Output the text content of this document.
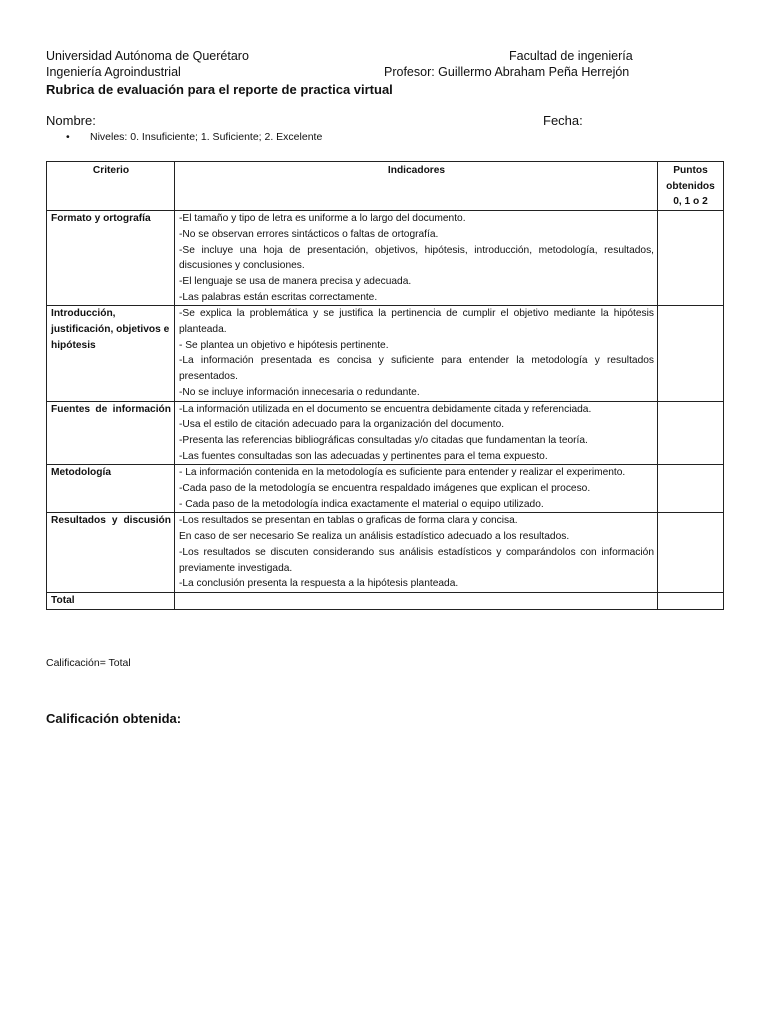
Universidad Autónoma de Querétaro	Facultad de ingeniería
Ingeniería Agroindustrial	Profesor: Guillermo Abraham Peña Herrejón
Rubrica de evaluación para el reporte de practica virtual
Nombre:	Fecha:
• Niveles: 0. Insuficiente; 1. Suficiente; 2. Excelente
Criterio	Indicadores	Puntos obtenidos 0, 1 o 2
Formato y ortografía	-El tamaño y tipo de letra es uniforme a lo largo del documento.
-No se observan errores sintácticos o faltas de ortografía.
-Se incluye una hoja de presentación, objetivos, hipótesis, introducción, metodología, resultados, discusiones y conclusiones.
-El lenguaje se usa de manera precisa y adecuada.
-Las palabras están escritas correctamente.	

Introducción, justificación, objetivos e hipótesis	-Se explica la problemática y se justifica la pertinencia de cumplir el objetivo mediante la hipótesis planteada.
- Se plantea un objetivo e hipótesis pertinente.
-La información presentada es concisa y suficiente para entender la metodología y resultados presentados.
-No se incluye información innecesaria o redundante.	

Fuentes de información	-La información utilizada en el documento se encuentra debidamente citada y referenciada.
-Usa el estilo de citación adecuado para la organización del documento.
-Presenta las referencias bibliográficas consultadas y/o citadas que fundamentan la teoría.
-Las fuentes consultadas son las adecuadas y pertinentes para el tema expuesto.	

Metodología	- La información contenida en la metodología es suficiente para entender y realizar el experimento.
-Cada paso de la metodología se encuentra respaldado imágenes que explican el proceso.
- Cada paso de la metodología indica exactamente el material o equipo utilizado.	

Resultados y discusión	-Los resultados se presentan en tablas o graficas de forma clara y concisa.
En caso de ser necesario Se realiza un análisis estadístico adecuado a los resultados.
-Los resultados se discuten considerando sus análisis estadísticos y comparándolos con información previamente investigada.
-La conclusión presenta la respuesta a la hipótesis planteada.	

Total		
Calificación= Total
Calificación obtenida:
